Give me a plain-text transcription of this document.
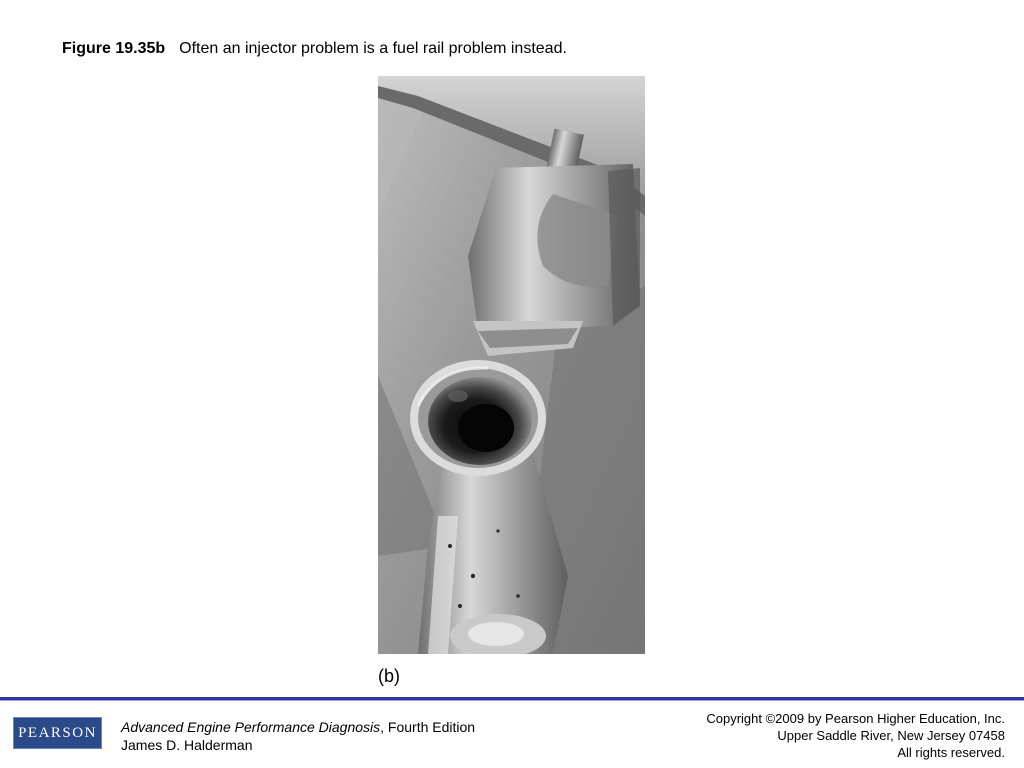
Figure 19.35b Often an injector problem is a fuel rail problem instead.
(b)
PEARSON Advanced Engine Performance Diagnosis, Fourth Edition
James D. Halderman
Copyright ©2009 by Pearson Higher Education, Inc.
Upper Saddle River, New Jersey 07458
All rights reserved.
